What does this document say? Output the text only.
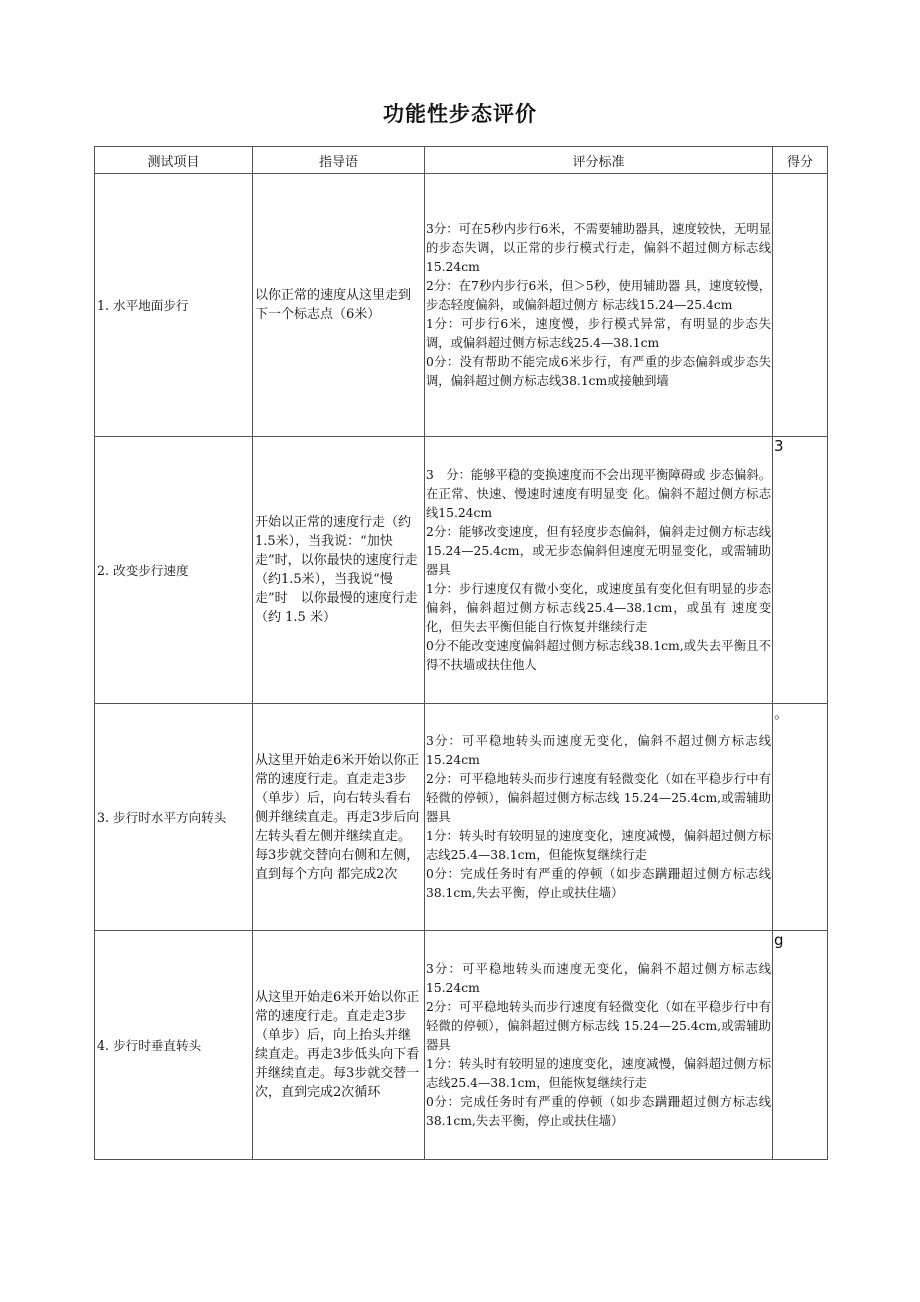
功能性步态评价
测试项目	指导语	评分标准	得分
1. 水平地面步行	以你正常的速度从这里走到下一个标志点（6米）	3分：可在5秒内步行6米，不需要辅助器具，速度较快，无明显的步态失调，以正常的步行模式行走，偏斜不超过侧方标志线15.24cm
2分：在7秒内步行6米，但＞5秒，使用辅助器 具，速度较慢，步态轻度偏斜，或偏斜超过侧方 标志线15.24—25.4cm
1分：可步行6米，速度慢，步行模式异常，有明显的步态失调，或偏斜超过侧方标志线25.4—38.1cm
0分：没有帮助不能完成6米步行，有严重的步态偏斜或步态失调，偏斜超过侧方标志线38.1cm或接触到墙	

2. 改变步行速度	开始以正常的速度行走（约1.5米），当我说：“加快走”时，以你最快的速度行走（约1.5米），当我说“慢走”时　以你最慢的速度行走（约 1.5 米）	3　分：能够平稳的变换速度而不会出现平衡障碍或 步态偏斜。在正常、快速、慢速时速度有明显变 化。偏斜不超过侧方标志线15.24cm
2分：能够改变速度，但有轻度步态偏斜，偏斜走过侧方标志线15.24—25.4cm，或无步态偏斜但速度无明显变化，或需辅助器具
1分：步行速度仅有微小变化，或速度虽有变化但有明显的步态偏斜，偏斜超过侧方标志线25.4—38.1cm，或虽有 速度变化，但失去平衡但能自行恢复并继续行走
0分不能改变速度偏斜超过侧方标志线38.1cm,或失去平衡且不得不扶墙或扶住他人	3
3. 步行时水平方向转头	从这里开始走6米开始以你正常的速度行走。直走走3步（单步）后，向右转头看右侧并继续直走。再走3步后向左转头看左侧并继续直走。每3步就交替向右侧和左侧，直到每个方向 都完成2次	3分：可平稳地转头而速度无变化，偏斜不超过侧方标志线15.24cm
2分：可平稳地转头而步行速度有轻微变化（如在平稳步行中有轻微的停顿），偏斜超过侧方标志线 15.24—25.4cm,或需辅助器具
1分：转头时有较明显的速度变化，速度减慢，偏斜超过侧方标志线25.4—38.1cm，但能恢复继续行走
0分：完成任务时有严重的停顿（如步态蹒跚超过侧方标志线38.1cm,失去平衡，停止或扶住墙）	。
4. 步行时垂直转头	从这里开始走6米开始以你正常的速度行走。直走走3步（单步）后，向上抬头并继续直走。再走3步低头向下看并继续直走。每3步就交替一次，直到完成2次循环	3分：可平稳地转头而速度无变化，偏斜不超过侧方标志线15.24cm
2分：可平稳地转头而步行速度有轻微变化（如在平稳步行中有轻微的停顿），偏斜超过侧方标志线 15.24—25.4cm,或需辅助器具
1分：转头时有较明显的速度变化，速度减慢，偏斜超过侧方标志线25.4—38.1cm，但能恢复继续行走
0分：完成任务时有严重的停顿（如步态蹒跚超过侧方标志线38.1cm,失去平衡，停止或扶住墙）	g
